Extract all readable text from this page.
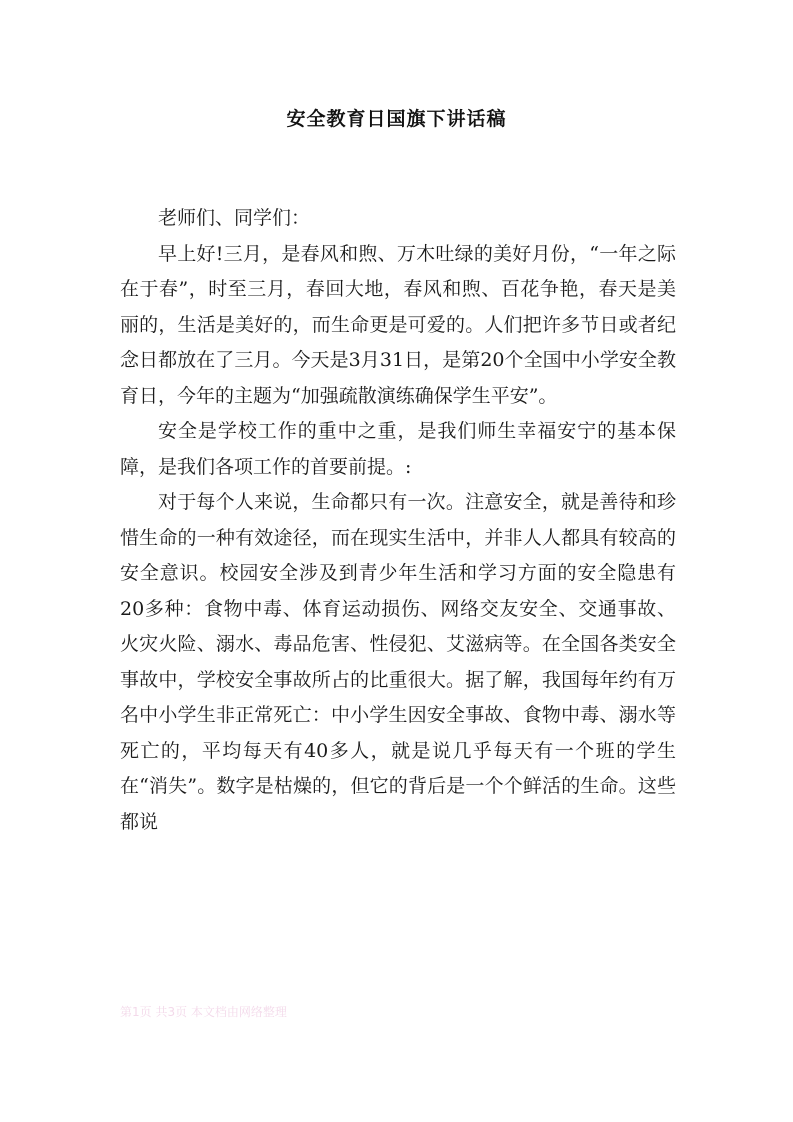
安全教育日国旗下讲话稿

老师们、同学们：

早上好!三月，是春风和煦、万木吐绿的美好月份，“一年之际在于春”，时至三月，春回大地，春风和煦、百花争艳，春天是美丽的，生活是美好的，而生命更是可爱的。人们把许多节日或者纪念日都放在了三月。今天是3月31日，是第20个全国中小学安全教育日，今年的主题为“加强疏散演练确保学生平安”。

安全是学校工作的重中之重，是我们师生幸福安宁的基本保障，是我们各项工作的首要前提。:

对于每个人来说，生命都只有一次。注意安全，就是善待和珍惜生命的一种有效途径，而在现实生活中，并非人人都具有较高的安全意识。校园安全涉及到青少年生活和学习方面的安全隐患有20多种：食物中毒、体育运动损伤、网络交友安全、交通事故、火灾火险、溺水、毒品危害、性侵犯、艾滋病等。在全国各类安全事故中，学校安全事故所占的比重很大。据了解，我国每年约有万名中小学生非正常死亡：中小学生因安全事故、食物中毒、溺水等死亡的，平均每天有40多人，就是说几乎每天有一个班的学生在“消失”。数字是枯燥的，但它的背后是一个个鲜活的生命。这些都说

第1页 共3页 本文档由网络整理
